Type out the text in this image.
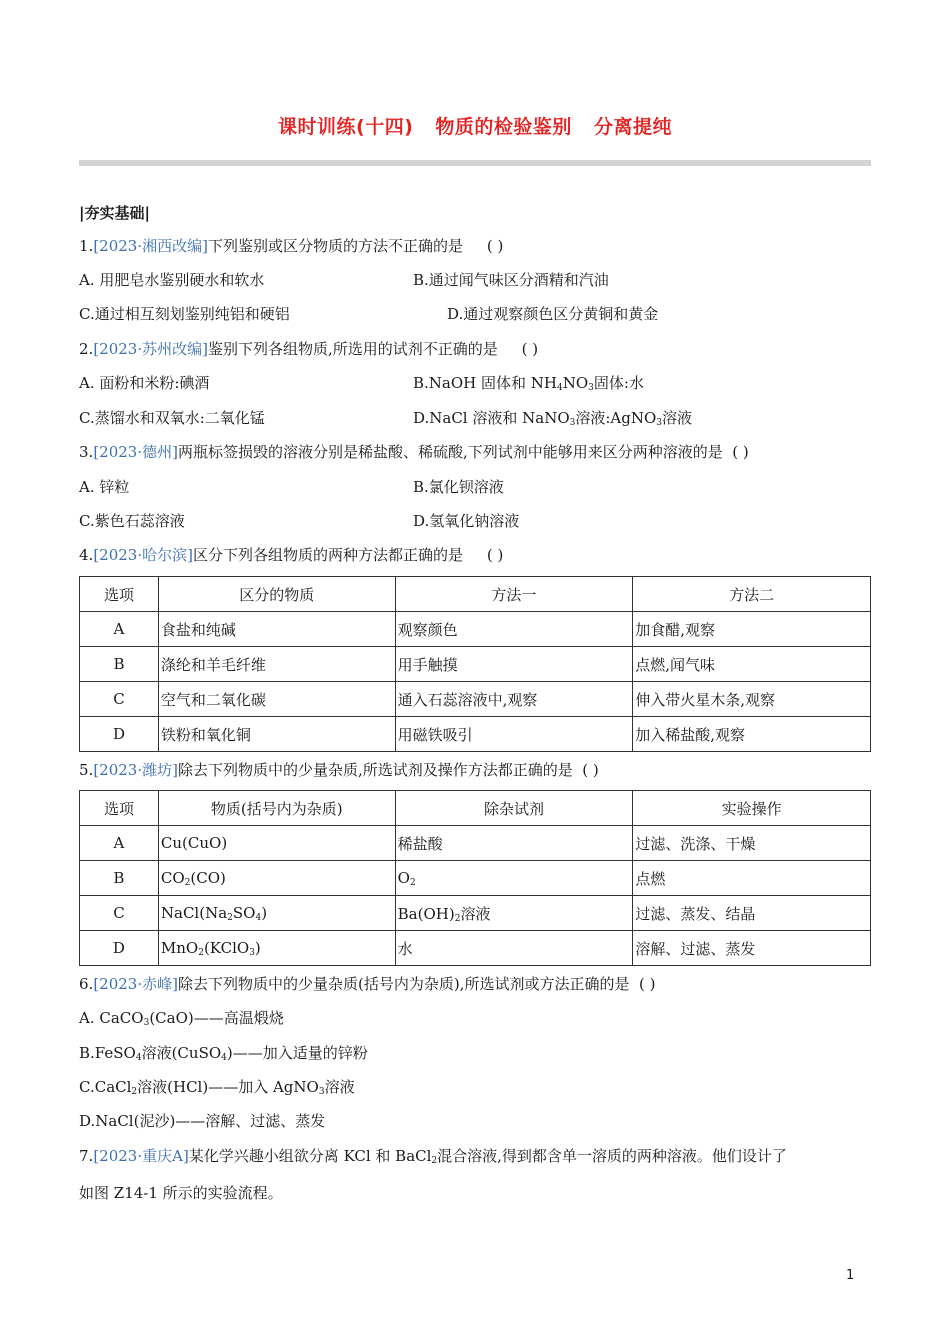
课时训练(十四) 物质的检验鉴别 分离提纯
|夯实基础|
1.[2023·湘西改编]下列鉴别或区分物质的方法不正确的是 ( )
A. 用肥皂水鉴别硬水和软水	B.通过闻气味区分酒精和汽油
C.通过相互刻划鉴别纯铝和硬铝	D.通过观察颜色区分黄铜和黄金
2.[2023·苏州改编]鉴别下列各组物质,所选用的试剂不正确的是 ( )
A. 面粉和米粉:碘酒	B.NaOH 固体和 $NH_4NO_3$固体:水
C.蒸馏水和双氧水:二氧化锰	D.NaCl 溶液和 NaNO$_3$溶液:AgNO$_3$溶液
3.[2023·德州]两瓶标签损毁的溶液分别是稀盐酸、稀硫酸,下列试剂中能够用来区分两种溶液的是 ( )
A. 锌粒	B.氯化钡溶液
C.紫色石蕊溶液	D.氢氧化钠溶液
4.[2023·哈尔滨]区分下列各组物质的两种方法都正确的是 ( )
选项	区分的物质	方法一	方法二
A	食盐和纯碱	观察颜色	加食醋,观察
B	涤纶和羊毛纤维	用手触摸	点燃,闻气味
C	空气和二氧化碳	通入石蕊溶液中,观察	伸入带火星木条,观察
D	铁粉和氧化铜	用磁铁吸引	加入稀盐酸,观察
5.[2023·潍坊]除去下列物质中的少量杂质,所选试剂及操作方法都正确的是 ( )
选项	物质(括号内为杂质)	除杂试剂	实验操作
A	Cu(CuO)	稀盐酸	过滤、洗涤、干燥
B	$CO_2(CO)$	$O_2$	点燃
C	$NaCl(Na_2SO_4)$	$Ba(OH)_2$溶液	过滤、蒸发、结晶
D	MnO$_2$(KClO$_3$)	水	溶解、过滤、蒸发
6.[2023·赤峰]除去下列物质中的少量杂质(括号内为杂质),所选试剂或方法正确的是 ( )
A. CaCO$_3$(CaO)——高温煅烧
B.FeSO$_4$溶液(CuSO$_4$)——加入适量的锌粉
C.CaCl$_2$溶液(HCl)——加入 AgNO$_3$溶液
D.NaCl(泥沙)——溶解、过滤、蒸发
7.[2023·重庆A]某化学兴趣小组欲分离 KCl 和 BaCl$_2$混合溶液,得到都含单一溶质的两种溶液。他们设计了
如图 Z14-1 所示的实验流程。
1
